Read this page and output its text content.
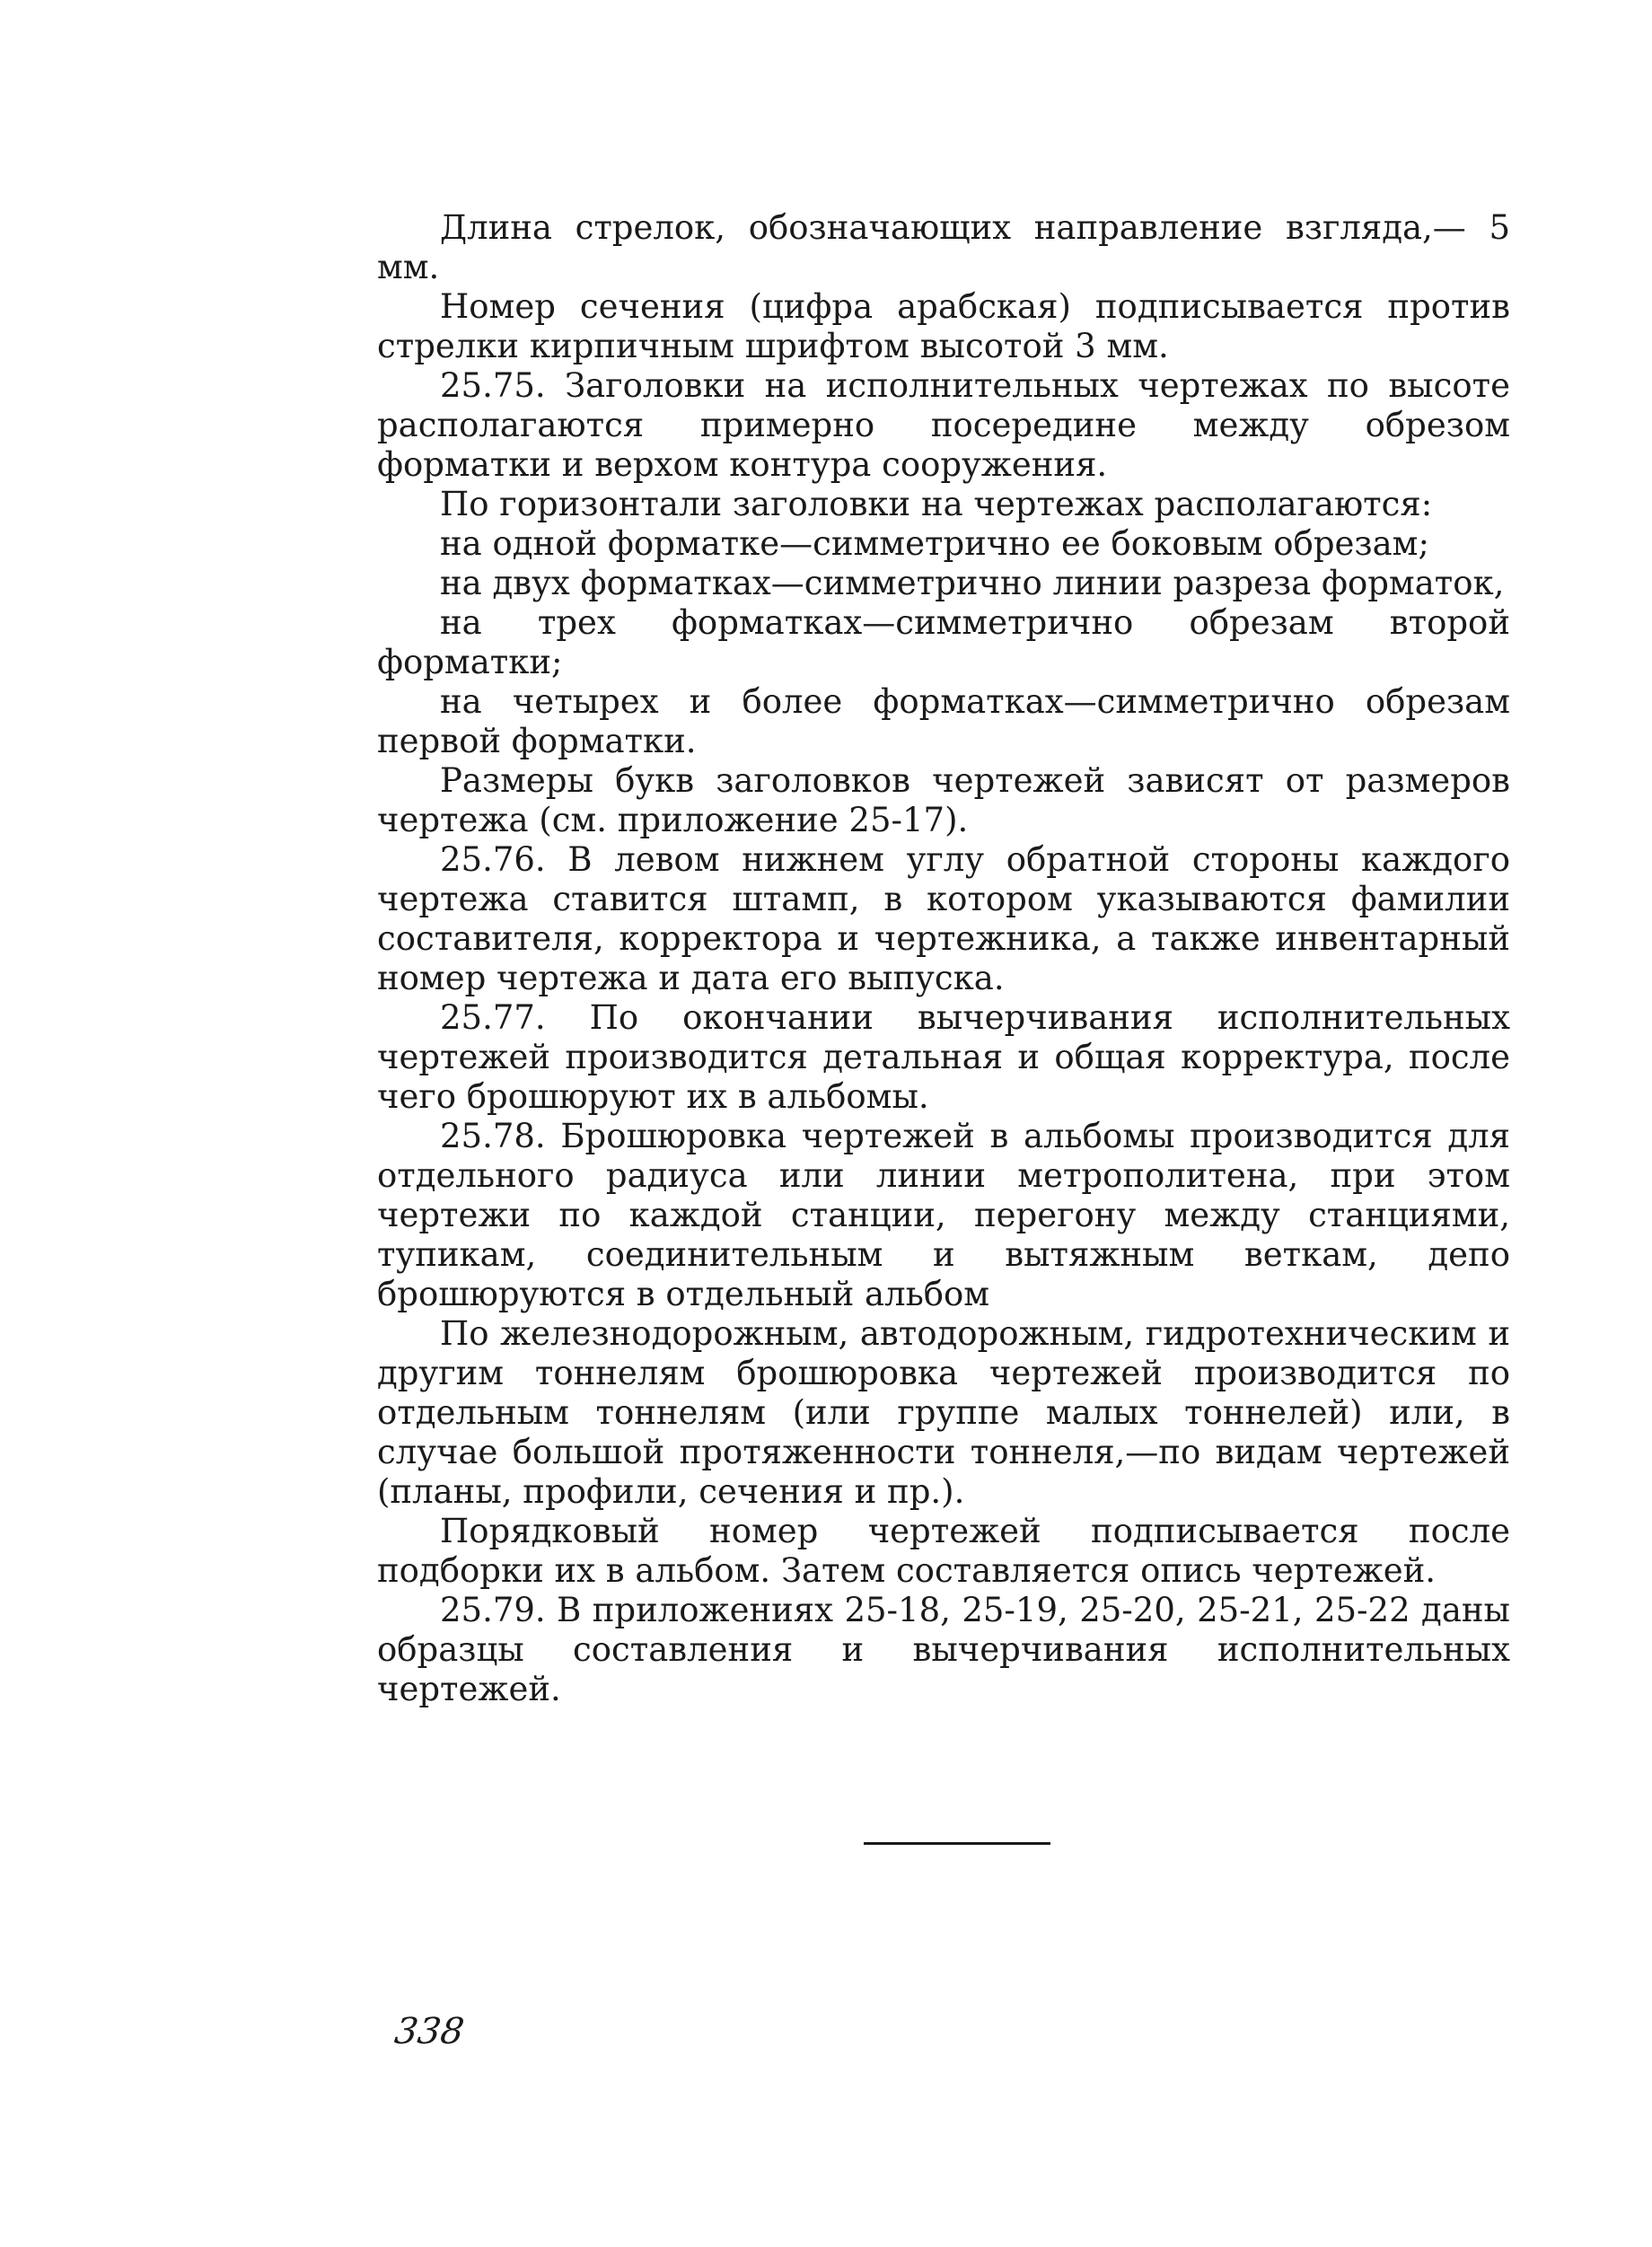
Длина стрелок, обозначающих направление взгляда,— 5 мм.

Номер сечения (цифра арабская) подписывается против стрелки кирпичным шрифтом высотой 3 мм.

25.75. Заголовки на исполнительных чертежах по высоте располагаются примерно посередине между обрезом форматки и верхом контура сооружения.

По горизонтали заголовки на чертежах располагаются:

на одной форматке—симметрично ее боковым обрезам;

на двух форматках—симметрично линии разреза форматок,

на трех форматках—симметрично обрезам второй форматки;

на четырех и более форматках—симметрично обрезам первой форматки.

Размеры букв заголовков чертежей зависят от размеров чертежа (см. приложение 25-17).

25.76. В левом нижнем углу обратной стороны каждого чертежа ставится штамп, в котором указываются фамилии составителя, корректора и чертежника, а также инвентарный номер чертежа и дата его выпуска.

25.77. По окончании вычерчивания исполнительных чертежей производится детальная и общая корректура, после чего брошюруют их в альбомы.

25.78. Брошюровка чертежей в альбомы производится для отдельного радиуса или линии метрополитена, при этом чертежи по каждой станции, перегону между станциями, тупикам, соединительным и вытяжным веткам, депо брошюруются в отдельный альбом

По железнодорожным, автодорожным, гидротехническим и другим тоннелям брошюровка чертежей производится по отдельным тоннелям (или группе малых тоннелей) или, в случае большой протяженности тоннеля,—по видам чертежей (планы, профили, сечения и пр.).

Порядковый номер чертежей подписывается после подборки их в альбом. Затем составляется опись чертежей.

25.79. В приложениях 25-18, 25-19, 25-20, 25-21, 25-22 даны образцы составления и вычерчивания исполнительных чертежей.

338
